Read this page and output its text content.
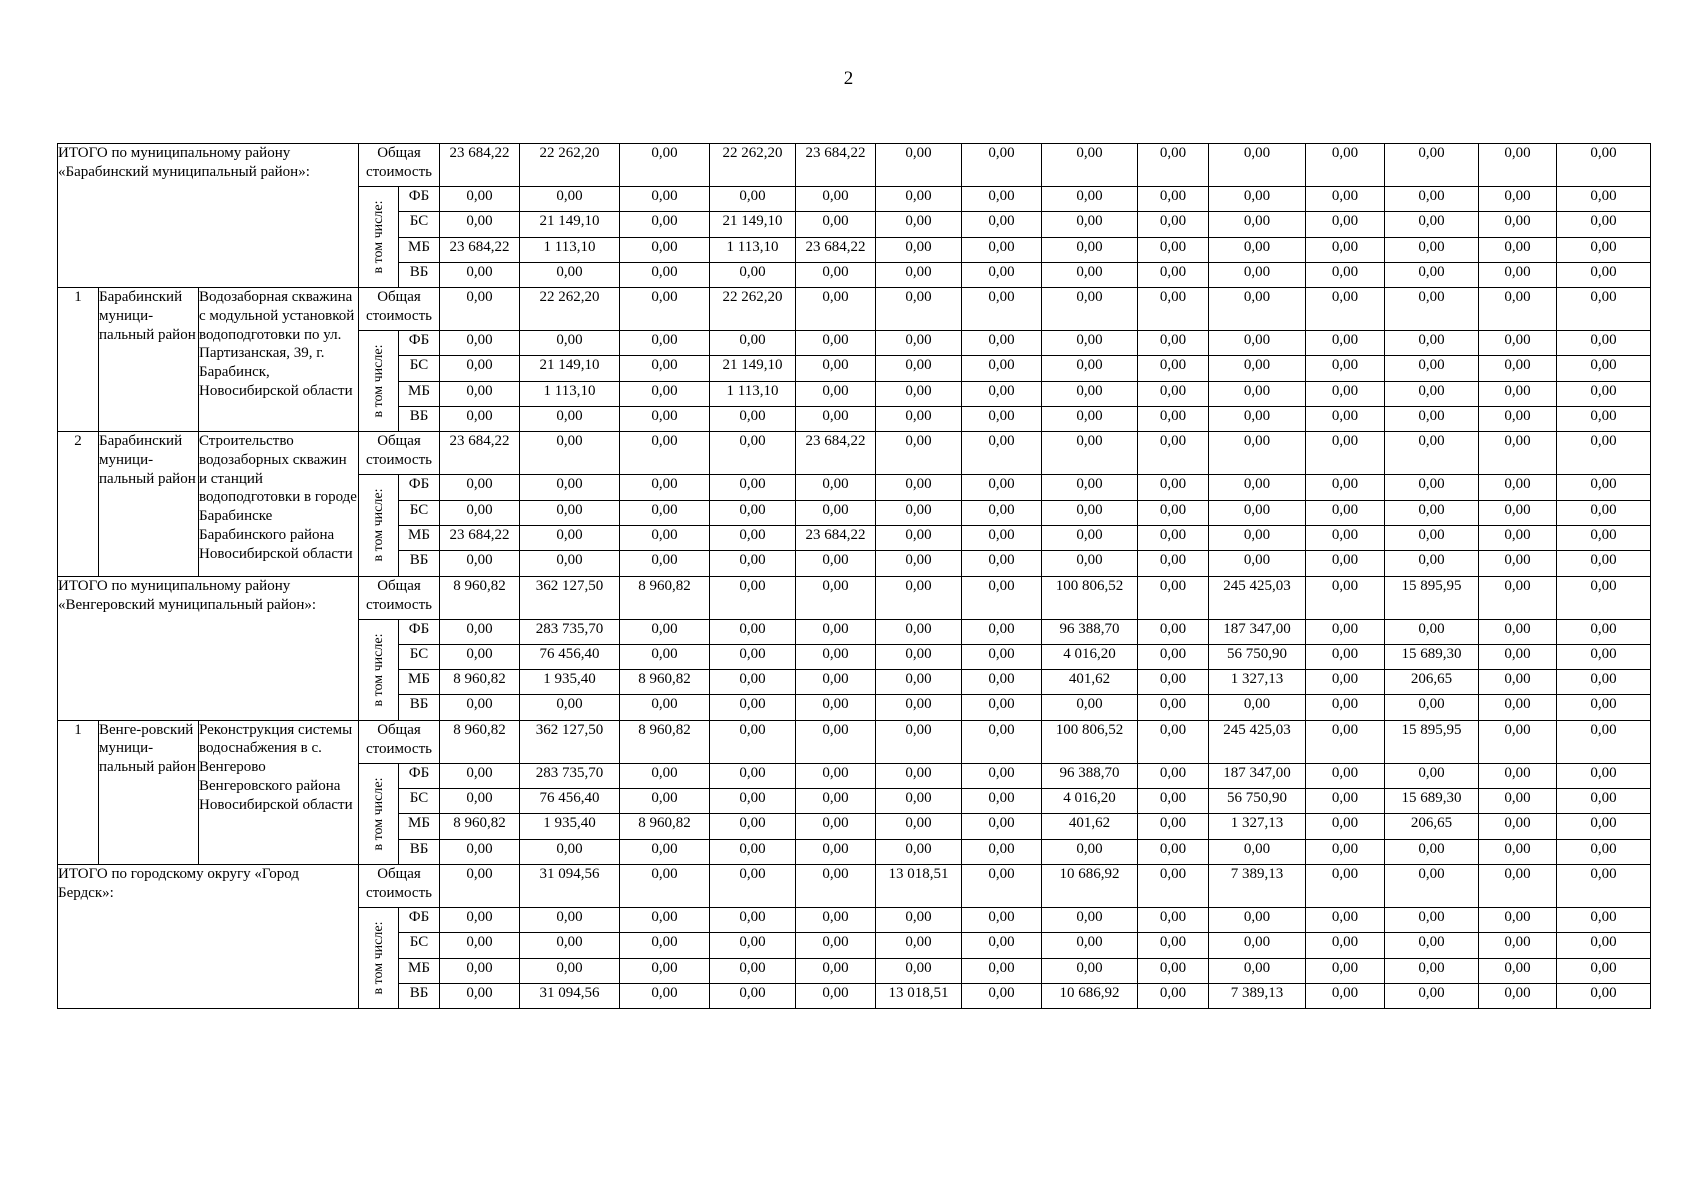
2
ИТОГО по муниципальному району «Барабинский муниципальный район»:			Общая стоимость		23 684,22	22 262,20	0,00	22 262,20	23 684,22	0,00	0,00	0,00	0,00	0,00	0,00	0,00	0,00	0,00

			в том числе:	ФБ	0,00	0,00	0,00	0,00	0,00	0,00	0,00	0,00	0,00	0,00	0,00	0,00	0,00	0,00
				БС	0,00	21 149,10	0,00	21 149,10	0,00	0,00	0,00	0,00	0,00	0,00	0,00	0,00	0,00	0,00
				МБ	23 684,22	1 113,10	0,00	1 113,10	23 684,22	0,00	0,00	0,00	0,00	0,00	0,00	0,00	0,00	0,00
				ВБ	0,00	0,00	0,00	0,00	0,00	0,00	0,00	0,00	0,00	0,00	0,00	0,00	0,00	0,00
1	Барабинский муници-пальный район	Водозаборная скважина с модульной установкой водоподготовки по ул. Партизанская, 39, г. Барабинск, Новосибирской области	Общая стоимость		0,00	22 262,20	0,00	22 262,20	0,00	0,00	0,00	0,00	0,00	0,00	0,00	0,00	0,00	0,00

			в том числе:	ФБ	0,00	0,00	0,00	0,00	0,00	0,00	0,00	0,00	0,00	0,00	0,00	0,00	0,00	0,00
				БС	0,00	21 149,10	0,00	21 149,10	0,00	0,00	0,00	0,00	0,00	0,00	0,00	0,00	0,00	0,00
				МБ	0,00	1 113,10	0,00	1 113,10	0,00	0,00	0,00	0,00	0,00	0,00	0,00	0,00	0,00	0,00
				ВБ	0,00	0,00	0,00	0,00	0,00	0,00	0,00	0,00	0,00	0,00	0,00	0,00	0,00	0,00
2	Барабинский муници-пальный район	Строительство водозаборных скважин и станций водоподготовки в городе Барабинске Барабинского района Новосибирской области	Общая стоимость		23 684,22	0,00	0,00	0,00	23 684,22	0,00	0,00	0,00	0,00	0,00	0,00	0,00	0,00	0,00

			в том числе:	ФБ	0,00	0,00	0,00	0,00	0,00	0,00	0,00	0,00	0,00	0,00	0,00	0,00	0,00	0,00
				БС	0,00	0,00	0,00	0,00	0,00	0,00	0,00	0,00	0,00	0,00	0,00	0,00	0,00	0,00
				МБ	23 684,22	0,00	0,00	0,00	23 684,22	0,00	0,00	0,00	0,00	0,00	0,00	0,00	0,00	0,00
				ВБ	0,00	0,00	0,00	0,00	0,00	0,00	0,00	0,00	0,00	0,00	0,00	0,00	0,00	0,00
ИТОГО по муниципальному району «Венгеровский муниципальный район»:			Общая стоимость		8 960,82	362 127,50	8 960,82	0,00	0,00	0,00	0,00	100 806,52	0,00	245 425,03	0,00	15 895,95	0,00	0,00

			в том числе:	ФБ	0,00	283 735,70	0,00	0,00	0,00	0,00	0,00	96 388,70	0,00	187 347,00	0,00	0,00	0,00	0,00
				БС	0,00	76 456,40	0,00	0,00	0,00	0,00	0,00	4 016,20	0,00	56 750,90	0,00	15 689,30	0,00	0,00
				МБ	8 960,82	1 935,40	8 960,82	0,00	0,00	0,00	0,00	401,62	0,00	1 327,13	0,00	206,65	0,00	0,00
				ВБ	0,00	0,00	0,00	0,00	0,00	0,00	0,00	0,00	0,00	0,00	0,00	0,00	0,00	0,00
1	Венге-ровский муници-пальный район	Реконструкция системы водоснабжения в с. Венгерово Венгеровского района Новосибирской области	Общая стоимость		8 960,82	362 127,50	8 960,82	0,00	0,00	0,00	0,00	100 806,52	0,00	245 425,03	0,00	15 895,95	0,00	0,00

			в том числе:	ФБ	0,00	283 735,70	0,00	0,00	0,00	0,00	0,00	96 388,70	0,00	187 347,00	0,00	0,00	0,00	0,00
				БС	0,00	76 456,40	0,00	0,00	0,00	0,00	0,00	4 016,20	0,00	56 750,90	0,00	15 689,30	0,00	0,00
				МБ	8 960,82	1 935,40	8 960,82	0,00	0,00	0,00	0,00	401,62	0,00	1 327,13	0,00	206,65	0,00	0,00
				ВБ	0,00	0,00	0,00	0,00	0,00	0,00	0,00	0,00	0,00	0,00	0,00	0,00	0,00	0,00
ИТОГО по городскому округу «Город Бердск»:			Общая стоимость		0,00	31 094,56	0,00	0,00	0,00	13 018,51	0,00	10 686,92	0,00	7 389,13	0,00	0,00	0,00	0,00

			в том числе:	ФБ	0,00	0,00	0,00	0,00	0,00	0,00	0,00	0,00	0,00	0,00	0,00	0,00	0,00	0,00
				БС	0,00	0,00	0,00	0,00	0,00	0,00	0,00	0,00	0,00	0,00	0,00	0,00	0,00	0,00
				МБ	0,00	0,00	0,00	0,00	0,00	0,00	0,00	0,00	0,00	0,00	0,00	0,00	0,00	0,00
				ВБ	0,00	31 094,56	0,00	0,00	0,00	13 018,51	0,00	10 686,92	0,00	7 389,13	0,00	0,00	0,00	0,00
